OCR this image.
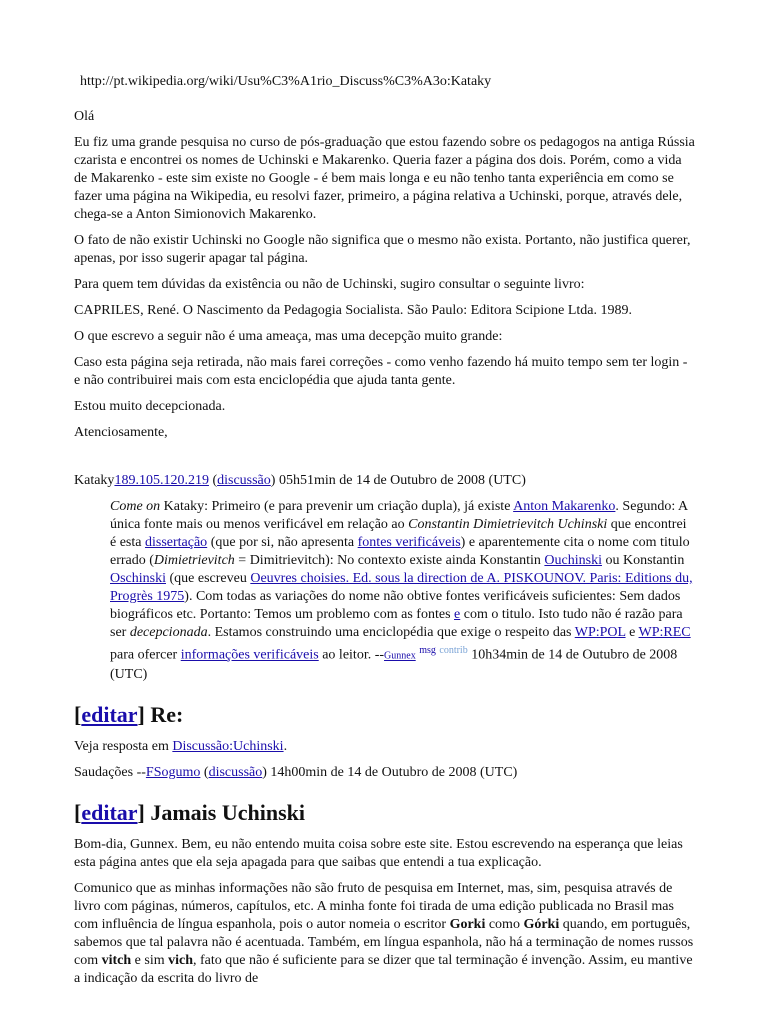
http://pt.wikipedia.org/wiki/Usu%C3%A1rio_Discuss%C3%A3o:Kataky

Olá

Eu fiz uma grande pesquisa no curso de pós-graduação que estou fazendo sobre os pedagogos na antiga Rússia czarista e encontrei os nomes de Uchinski e Makarenko. Queria fazer a página dos dois. Porém, como a vida de Makarenko - este sim existe no Google - é bem mais longa e eu não tenho tanta experiência em como se fazer uma página na Wikipedia, eu resolvi fazer, primeiro, a página relativa a Uchinski, porque, através dele, chega-se a Anton Simionovich Makarenko.

O fato de não existir Uchinski no Google não significa que o mesmo não exista. Portanto, não justifica querer, apenas, por isso sugerir apagar tal página.

Para quem tem dúvidas da existência ou não de Uchinski, sugiro consultar o seguinte livro:

CAPRILES, René. O Nascimento da Pedagogia Socialista. São Paulo: Editora Scipione Ltda. 1989.

O que escrevo a seguir não é uma ameaça, mas uma decepção muito grande:

Caso esta página seja retirada, não mais farei correções - como venho fazendo há muito tempo sem ter login - e não contribuirei mais com esta enciclopédia que ajuda tanta gente.

Estou muito decepcionada.

Atenciosamente,

Kataky189.105.120.219 (discussão) 05h51min de 14 de Outubro de 2008 (UTC)

Come on Kataky: Primeiro (e para prevenir um criação dupla), já existe Anton Makarenko. Segundo: A única fonte mais ou menos verificável em relação ao Constantin Dimietrievitch Uchinski que encontrei é esta dissertação (que por si, não apresenta fontes verificáveis) e aparentemente cita o nome com titulo errado (Dimietrievitch = Dimitrievitch): No contexto existe ainda Konstantin Ouchinski ou Konstantin Oschinski (que escreveu Oeuvres choisies. Ed. sous la direction de A. PISKOUNOV. Paris: Editions du, Progrès 1975). Com todas as variações do nome não obtive fontes verificáveis suficientes: Sem dados biográficos etc. Portanto: Temos um problemo com as fontes e com o titulo. Isto tudo não é razão para ser decepcionada. Estamos construindo uma enciclopédia que exige o respeito das WP:POL e WP:REC para ofercer informações verificáveis ao leitor. --Gunnex $^{msg}$ $^{contrib}$ 10h34min de 14 de Outubro de 2008 (UTC)
[editar] Re:

Veja resposta em Discussão:Uchinski.

Saudações --FSogumo (discussão) 14h00min de 14 de Outubro de 2008 (UTC)

[editar] Jamais Uchinski

Bom-dia, Gunnex. Bem, eu não entendo muita coisa sobre este site. Estou escrevendo na esperança que leias esta página antes que ela seja apagada para que saibas que entendi a tua explicação.

Comunico que as minhas informações não são fruto de pesquisa em Internet, mas, sim, pesquisa através de livro com páginas, números, capítulos, etc. A minha fonte foi tirada de uma edição publicada no Brasil mas com influência de língua espanhola, pois o autor nomeia o escritor Gorki como Górki quando, em português, sabemos que tal palavra não é acentuada. Também, em língua espanhola, não há a terminação de nomes russos com vitch e sim vich, fato que não é suficiente para se dizer que tal terminação é invenção. Assim, eu mantive a indicação da escrita do livro de
